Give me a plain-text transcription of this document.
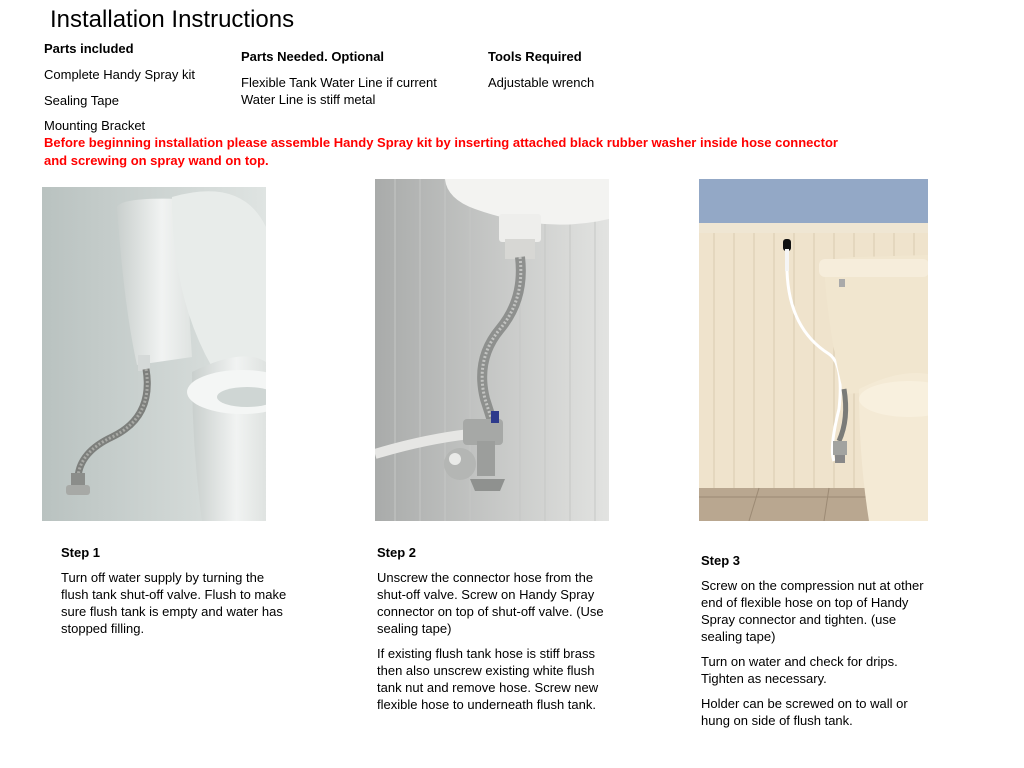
Installation Instructions
Parts included
Complete Handy Spray kit
Sealing Tape
Mounting Bracket
Parts Needed. Optional
Flexible Tank Water Line if current Water Line is stiff metal
Tools Required
Adjustable wrench
Before beginning installation please assemble Handy Spray kit by inserting attached black rubber washer inside hose connector and screwing on spray wand on top.

Step 1

Turn off water supply by turning the flush tank shut-off valve. Flush to make sure flush tank is empty and water has stopped filling.

Step 2

Unscrew the connector hose from the shut-off valve. Screw on Handy Spray connector on top of shut-off valve. (Use sealing tape)

If existing flush tank hose is stiff brass then also unscrew existing white flush tank nut and remove hose. Screw new flexible hose to underneath flush tank.

Step 3

Screw on the compression nut at other end of flexible hose on top of Handy Spray connector and tighten. (use sealing tape)

Turn on water and check for drips. Tighten as necessary.

Holder can be screwed on to wall or hung on side of flush tank.
